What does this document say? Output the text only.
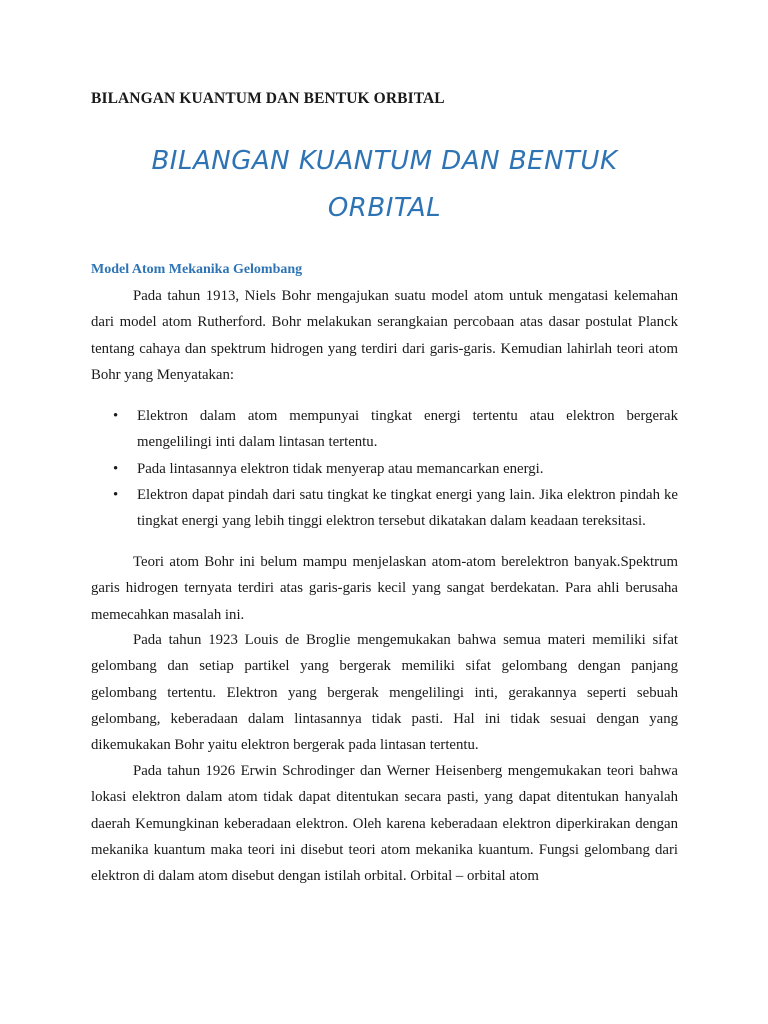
BILANGAN KUANTUM DAN BENTUK ORBITAL
BILANGAN KUANTUM DAN BENTUK ORBITAL
Model Atom Mekanika Gelombang

Pada tahun 1913, Niels Bohr mengajukan suatu model atom untuk mengatasi kelemahan dari model atom Rutherford. Bohr melakukan serangkaian percobaan atas dasar postulat Planck tentang cahaya dan spektrum hidrogen yang terdiri dari garis-garis. Kemudian lahirlah teori atom Bohr yang Menyatakan:

• Elektron dalam atom mempunyai tingkat energi tertentu atau elektron bergerak mengelilingi inti dalam lintasan tertentu.
• Pada lintasannya elektron tidak menyerap atau memancarkan energi.
• Elektron dapat pindah dari satu tingkat ke tingkat energi yang lain. Jika elektron pindah ke tingkat energi yang lebih tinggi elektron tersebut dikatakan dalam keadaan tereksitasi.

Teori atom Bohr ini belum mampu menjelaskan atom-atom berelektron banyak.Spektrum garis hidrogen ternyata terdiri atas garis-garis kecil yang sangat berdekatan. Para ahli berusaha memecahkan masalah ini.

Pada tahun 1923 Louis de Broglie mengemukakan bahwa semua materi memiliki sifat gelombang dan setiap partikel yang bergerak memiliki sifat gelombang dengan panjang gelombang tertentu. Elektron yang bergerak mengelilingi inti, gerakannya seperti sebuah gelombang, keberadaan dalam lintasannya tidak pasti. Hal ini tidak sesuai dengan yang dikemukakan Bohr yaitu elektron bergerak pada lintasan tertentu.

Pada tahun 1926 Erwin Schrodinger dan Werner Heisenberg mengemukakan teori bahwa lokasi elektron dalam atom tidak dapat ditentukan secara pasti, yang dapat ditentukan hanyalah daerah Kemungkinan keberadaan elektron. Oleh karena keberadaan elektron diperkirakan dengan mekanika kuantum maka teori ini disebut teori atom mekanika kuantum. Fungsi gelombang dari elektron di dalam atom disebut dengan istilah orbital. Orbital – orbital atom
